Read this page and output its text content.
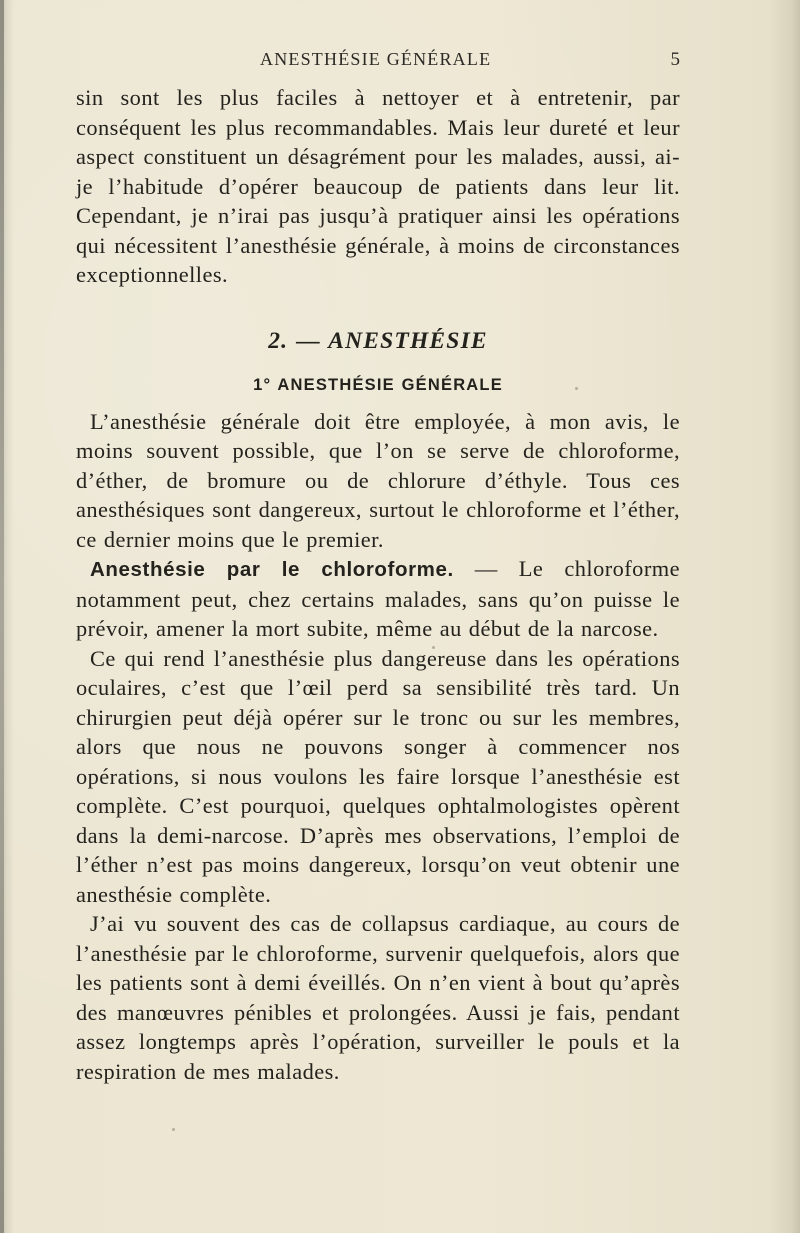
ANESTHÉSIE GÉNÉRALE	5

sin sont les plus faciles à nettoyer et à entretenir, par conséquent les plus recommandables. Mais leur dureté et leur aspect constituent un désagrément pour les malades, aussi, ai-je l’habitude d’opérer beaucoup de patients dans leur lit. Cependant, je n’irai pas jusqu’à pratiquer ainsi les opérations qui nécessitent l’anesthésie générale, à moins de circonstances exceptionnelles.

2. — ANESTHÉSIE
1° ANESTHÉSIE GÉNÉRALE

L’anesthésie générale doit être employée, à mon avis, le moins souvent possible, que l’on se serve de chloroforme, d’éther, de bromure ou de chlorure d’éthyle. Tous ces anesthésiques sont dangereux, surtout le chloroforme et l’éther, ce dernier moins que le premier.

Anesthésie par le chloroforme. — Le chloroforme notamment peut, chez certains malades, sans qu’on puisse le prévoir, amener la mort subite, même au début de la narcose.

Ce qui rend l’anesthésie plus dangereuse dans les opérations oculaires, c’est que l’œil perd sa sensibilité très tard. Un chirurgien peut déjà opérer sur le tronc ou sur les membres, alors que nous ne pouvons songer à commencer nos opérations, si nous voulons les faire lorsque l’anesthésie est complète. C’est pourquoi, quelques ophtalmologistes opèrent dans la demi-narcose. D’après mes observations, l’emploi de l’éther n’est pas moins dangereux, lorsqu’on veut obtenir une anesthésie complète.

J’ai vu souvent des cas de collapsus cardiaque, au cours de l’anesthésie par le chloroforme, survenir quelquefois, alors que les patients sont à demi éveillés. On n’en vient à bout qu’après des manœuvres pénibles et prolongées. Aussi je fais, pendant assez longtemps après l’opération, surveiller le pouls et la respiration de mes malades.
